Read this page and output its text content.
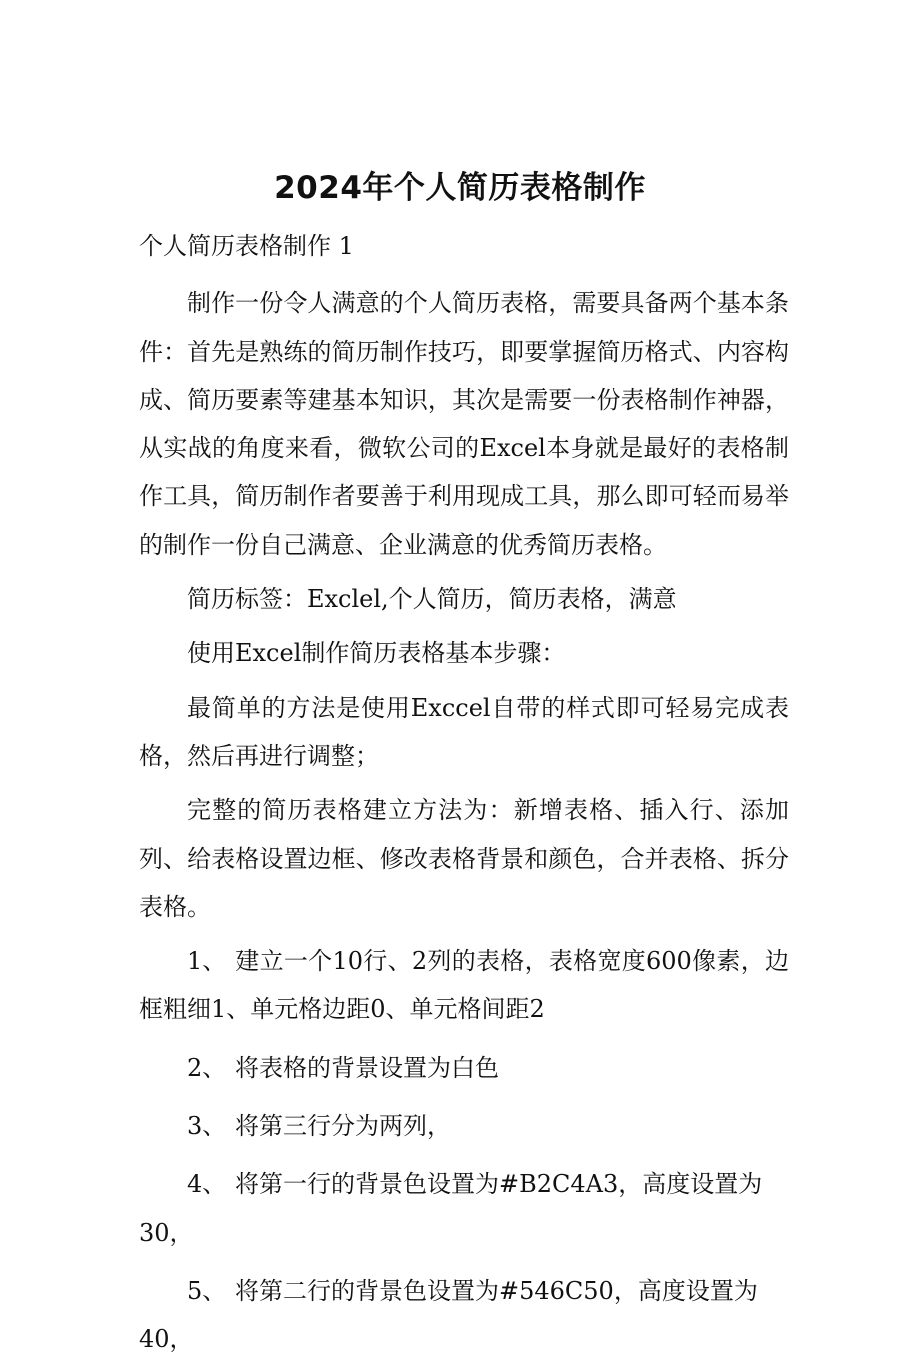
2024年个人简历表格制作

个人简历表格制作 1

制作一份令人满意的个人简历表格，需要具备两个基本条件：首先是熟练的简历制作技巧，即要掌握简历格式、内容构成、简历要素等建基本知识，其次是需要一份表格制作神器，从实战的角度来看，微软公司的Excel本身就是最好的表格制作工具，简历制作者要善于利用现成工具，那么即可轻而易举的制作一份自己满意、企业满意的优秀简历表格。

简历标签：Exclel,个人简历，简历表格，满意

使用Excel制作简历表格基本步骤：

最简单的方法是使用Exccel自带的样式即可轻易完成表格，然后再进行调整；

完整的简历表格建立方法为：新增表格、插入行、添加列、给表格设置边框、修改表格背景和颜色，合并表格、拆分表格。

1、 建立一个10行、2列的表格，表格宽度600像素，边框粗细1、单元格边距0、单元格间距2

2、 将表格的背景设置为白色

3、 将第三行分为两列，

4、 将第一行的背景色设置为#B2C4A3，高度设置为30，

5、 将第二行的背景色设置为#546C50，高度设置为40，
